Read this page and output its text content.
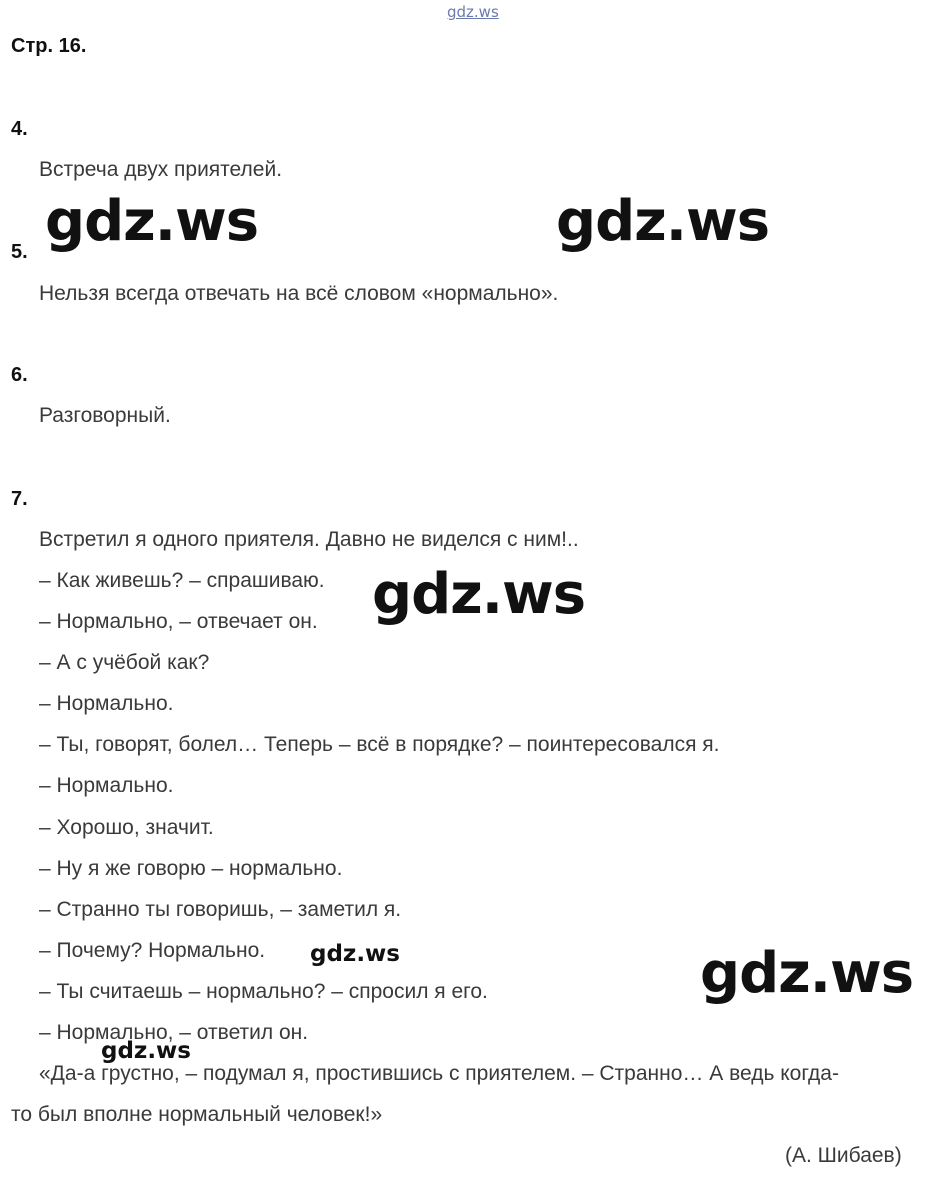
gdz.ws
Стр. 16.
4.
Встреча двух приятелей.
5.
Нельзя всегда отвечать на всё словом «нормально».
6.
Разговорный.
7.
Встретил я одного приятеля. Давно не виделся с ним!..
– Как живешь? – спрашиваю.
– Нормально, – отвечает он.
– А с учёбой как?
– Нормально.
– Ты, говорят, болел… Теперь – всё в порядке? – поинтересовался я.
– Нормально.
– Хорошо, значит.
– Ну я же говорю – нормально.
– Странно ты говоришь, – заметил я.
– Почему? Нормально.
– Ты считаешь – нормально? – спросил я его.
– Нормально, – ответил он.
«Да-а грустно, – подумал я, простившись с приятелем. – Странно… А ведь когда-
то был вполне нормальный человек!»
(А. Шибаев)
gdz.ws	gdz.ws
gdz.ws
gdz.ws
gdz.ws
gdz.ws
